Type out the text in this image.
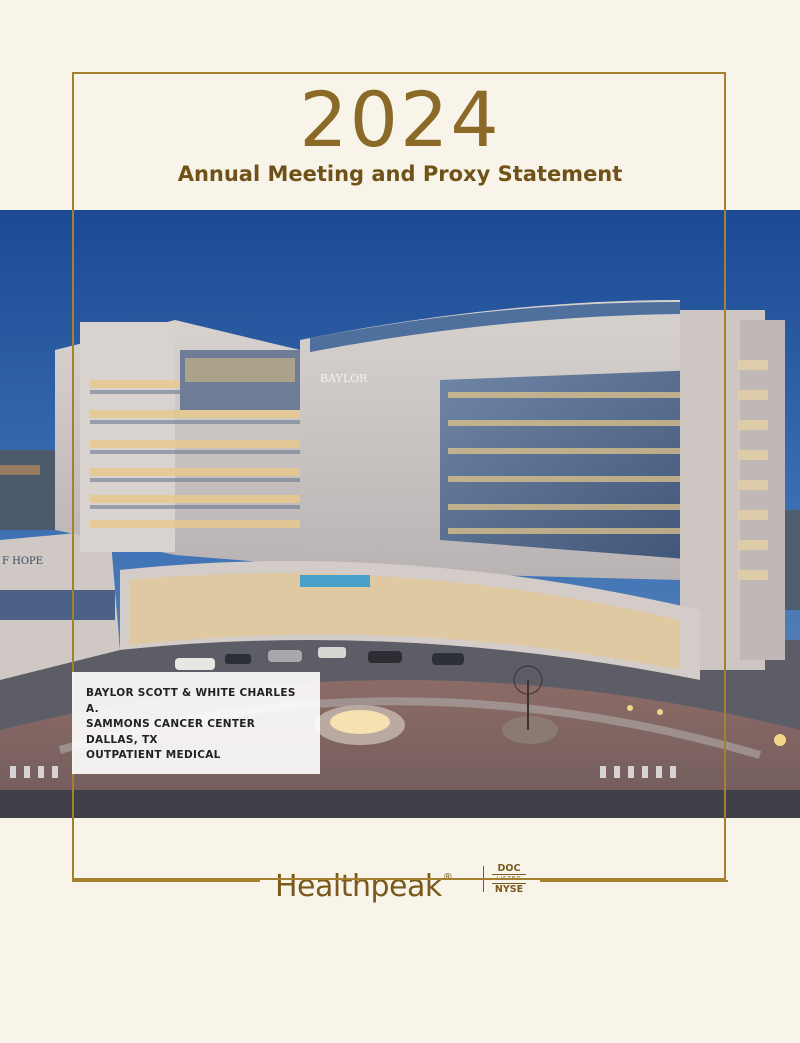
2024
Annual Meeting and Proxy Statement
BAYLOR
F HOPE
BAYLOR SCOTT & WHITE CHARLES A.
SAMMONS CANCER CENTER
DALLAS, TX
OUTPATIENT MEDICAL
Healthpeak®
DOC
LISTED
NYSE
